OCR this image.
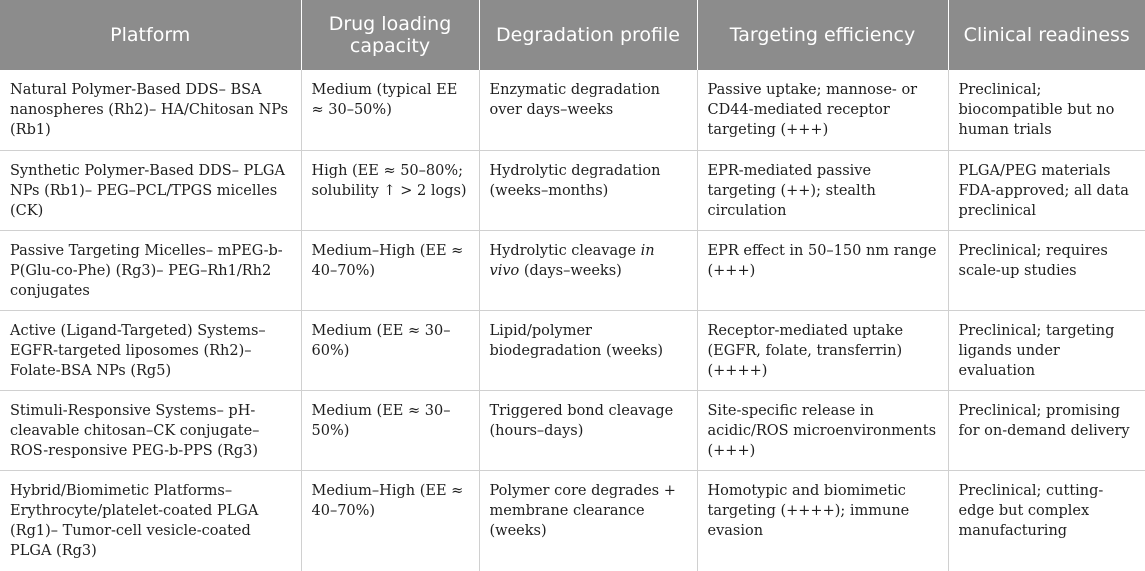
Platform	Drug loading capacity	Degradation profile	Targeting efficiency	Clinical readiness
Natural Polymer-Based DDS– BSA nanospheres (Rh2)– HA/Chitosan NPs (Rb1)	Medium (typical EE ≈ 30–50%)	Enzymatic degradation over days–weeks	Passive uptake; mannose- or CD44-mediated receptor targeting (+++)	Preclinical; biocompatible but no human trials
Synthetic Polymer-Based DDS– PLGA NPs (Rb1)– PEG–PCL/TPGS micelles (CK)	High (EE ≈ 50–80%; solubility ↑ > 2 logs)	Hydrolytic degradation (weeks–months)	EPR-mediated passive targeting (++); stealth circulation	PLGA/PEG materials FDA-approved; all data preclinical
Passive Targeting Micelles– mPEG-b-P(Glu-co-Phe) (Rg3)– PEG–Rh1/Rh2 conjugates	Medium–High (EE ≈ 40–70%)	Hydrolytic cleavage in vivo (days–weeks)	EPR effect in 50–150 nm range (+++)	Preclinical; requires scale-up studies
Active (Ligand-Targeted) Systems– EGFR-targeted liposomes (Rh2)– Folate-BSA NPs (Rg5)	Medium (EE ≈ 30–60%)	Lipid/polymer biodegradation (weeks)	Receptor-mediated uptake (EGFR, folate, transferrin) (++++)	Preclinical; targeting ligands under evaluation
Stimuli-Responsive Systems– pH-cleavable chitosan–CK conjugate– ROS-responsive PEG-b-PPS (Rg3)	Medium (EE ≈ 30–50%)	Triggered bond cleavage (hours–days)	Site-specific release in acidic/ROS microenvironments (+++)	Preclinical; promising for on-demand delivery
Hybrid/Biomimetic Platforms– Erythrocyte/platelet-coated PLGA (Rg1)– Tumor-cell vesicle-coated PLGA (Rg3)	Medium–High (EE ≈ 40–70%)	Polymer core degrades + membrane clearance (weeks)	Homotypic and biomimetic targeting (++++); immune evasion	Preclinical; cutting-edge but complex manufacturing
